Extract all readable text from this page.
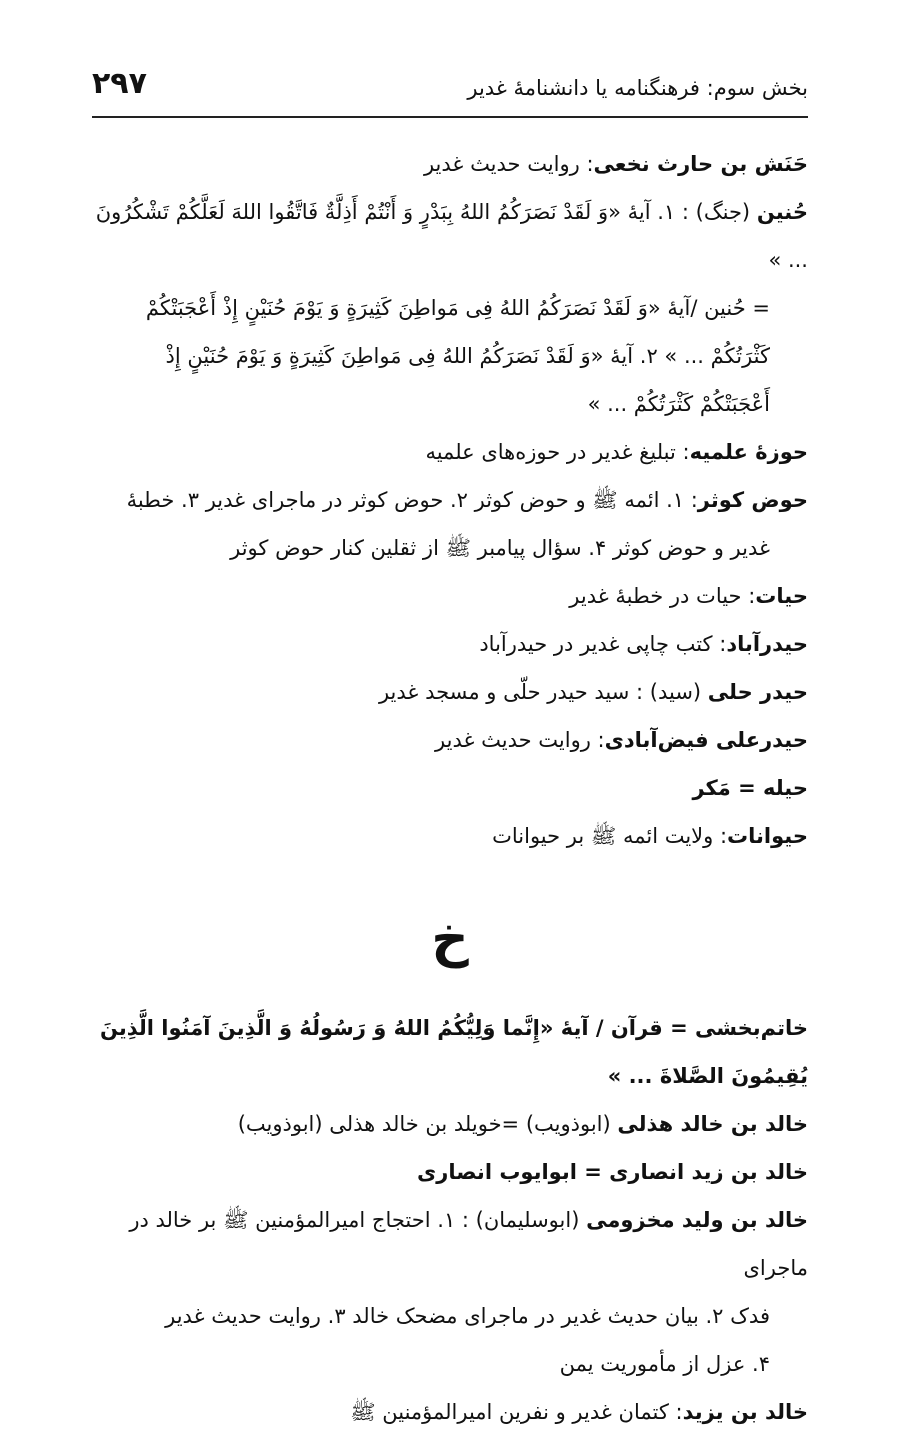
۲۹۷	بخش سوم: فرهنگنامه یا دانشنامهٔ غدیر

حَنَش بن حارث نخعی: روایت حدیث غدیر

حُنین (جنگ) : ۱. آیهٔ «وَ لَقَدْ نَصَرَكُمُ اللهُ بِبَدْرٍ وَ أَنْتُمْ أَذِلَّةٌ فَاتَّقُوا اللهَ لَعَلَّكُمْ تَشْكُرُونَ ... »

= حُنین /آیهٔ «وَ لَقَدْ نَصَرَكُمُ اللهُ فِی مَواطِنَ كَثِیرَةٍ وَ یَوْمَ حُنَیْنٍ إِذْ أَعْجَبَتْكُمْ

كَثْرَتُكُمْ ... » ۲. آیهٔ «وَ لَقَدْ نَصَرَكُمُ اللهُ فِی مَواطِنَ كَثِیرَةٍ وَ یَوْمَ حُنَیْنٍ إِذْ

أَعْجَبَتْكُمْ كَثْرَتُكُمْ ... »

حوزهٔ علمیه: تبلیغ غدیر در حوزه‌های علمیه

حوض کوثر: ۱. ائمه ﷺ و حوض کوثر ۲. حوض کوثر در ماجرای غدیر ۳. خطبهٔ

غدیر و حوض کوثر ۴. سؤال پیامبر ﷺ از ثقلین کنار حوض کوثر

حیات: حیات در خطبهٔ غدیر

حیدرآباد: کتب چاپی غدیر در حیدرآباد

حیدر حلی (سید) : سید حیدر حلّی و مسجد غدیر

حیدرعلی فیض‌آبادی: روایت حدیث غدیر

حیله = مَکر

حیوانات: ولایت ائمه ﷺ بر حیوانات

خ

خاتم‌بخشی = قرآن / آیهٔ «إِنَّما وَلِیُّكُمُ اللهُ وَ رَسُولُهُ وَ الَّذِینَ آمَنُوا الَّذِینَ یُقِیمُونَ الصَّلاةَ ... »

خالد بن خالد هذلی (ابوذویب) =خویلد بن خالد هذلی (ابوذویب)

خالد بن زید انصاری = ابوایوب انصاری

خالد بن ولید مخزومی (ابوسلیمان) : ۱. احتجاج امیرالمؤمنین ﷺ بر خالد در ماجرای

فدک ۲. بیان حدیث غدیر در ماجرای مضحک خالد ۳. روایت حدیث غدیر

۴. عزل از مأموریت یمن

خالد بن یزید: کتمان غدیر و نفرین امیرالمؤمنین ﷺ
